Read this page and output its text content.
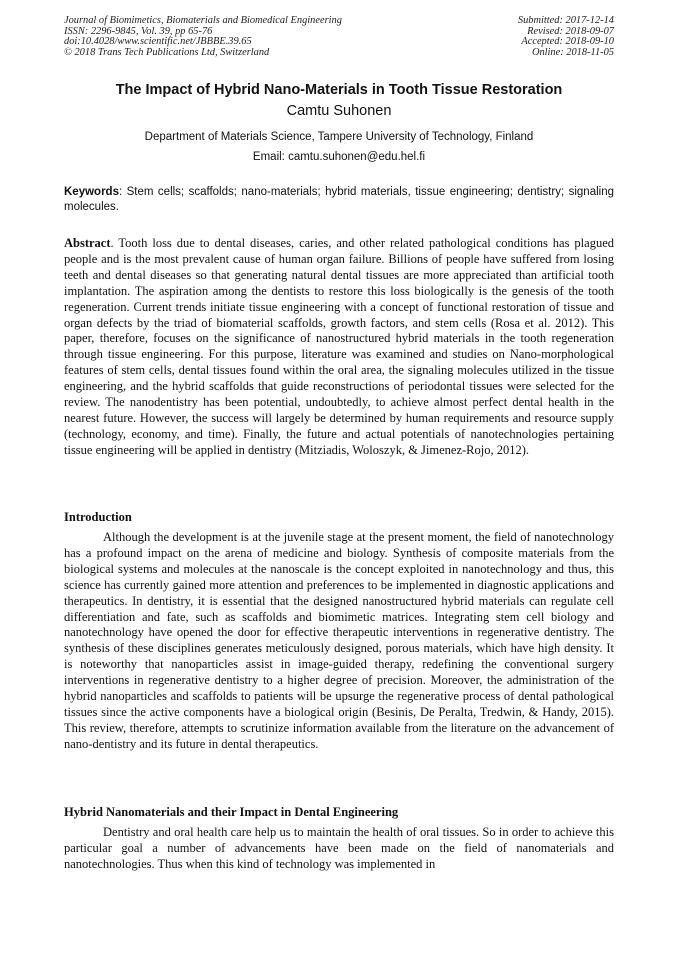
Journal of Biomimetics, Biomaterials and Biomedical Engineering
ISSN: 2296-9845, Vol. 39, pp 65-76
doi:10.4028/www.scientific.net/JBBBE.39.65
© 2018 Trans Tech Publications Ltd, Switzerland
Submitted: 2017-12-14
Revised: 2018-09-07
Accepted: 2018-09-10
Online: 2018-11-05
The Impact of Hybrid Nano-Materials in Tooth Tissue Restoration
Camtu Suhonen
Department of Materials Science, Tampere University of Technology, Finland
Email: camtu.suhonen@edu.hel.fi
Keywords: Stem cells; scaffolds; nano-materials; hybrid materials, tissue engineering; dentistry; signaling molecules.
Abstract. Tooth loss due to dental diseases, caries, and other related pathological conditions has plagued people and is the most prevalent cause of human organ failure. Billions of people have suffered from losing teeth and dental diseases so that generating natural dental tissues are more appreciated than artificial tooth implantation. The aspiration among the dentists to restore this loss biologically is the genesis of the tooth regeneration. Current trends initiate tissue engineering with a concept of functional restoration of tissue and organ defects by the triad of biomaterial scaffolds, growth factors, and stem cells (Rosa et al. 2012). This paper, therefore, focuses on the significance of nanostructured hybrid materials in the tooth regeneration through tissue engineering. For this purpose, literature was examined and studies on Nano-morphological features of stem cells, dental tissues found within the oral area, the signaling molecules utilized in the tissue engineering, and the hybrid scaffolds that guide reconstructions of periodontal tissues were selected for the review. The nanodentistry has been potential, undoubtedly, to achieve almost perfect dental health in the nearest future. However, the success will largely be determined by human requirements and resource supply (technology, economy, and time). Finally, the future and actual potentials of nanotechnologies pertaining tissue engineering will be applied in dentistry (Mitziadis, Woloszyk, & Jimenez-Rojo, 2012).
Introduction
Although the development is at the juvenile stage at the present moment, the field of nanotechnology has a profound impact on the arena of medicine and biology. Synthesis of composite materials from the biological systems and molecules at the nanoscale is the concept exploited in nanotechnology and thus, this science has currently gained more attention and preferences to be implemented in diagnostic applications and therapeutics. In dentistry, it is essential that the designed nanostructured hybrid materials can regulate cell differentiation and fate, such as scaffolds and biomimetic matrices. Integrating stem cell biology and nanotechnology have opened the door for effective therapeutic interventions in regenerative dentistry. The synthesis of these disciplines generates meticulously designed, porous materials, which have high density. It is noteworthy that nanoparticles assist in image-guided therapy, redefining the conventional surgery interventions in regenerative dentistry to a higher degree of precision. Moreover, the administration of the hybrid nanoparticles and scaffolds to patients will be upsurge the regenerative process of dental pathological tissues since the active components have a biological origin (Besinis, De Peralta, Tredwin, & Handy, 2015). This review, therefore, attempts to scrutinize information available from the literature on the advancement of nano-dentistry and its future in dental therapeutics.
Hybrid Nanomaterials and their Impact in Dental Engineering
Dentistry and oral health care help us to maintain the health of oral tissues. So in order to achieve this particular goal a number of advancements have been made on the field of nanomaterials and nanotechnologies. Thus when this kind of technology was implemented in
